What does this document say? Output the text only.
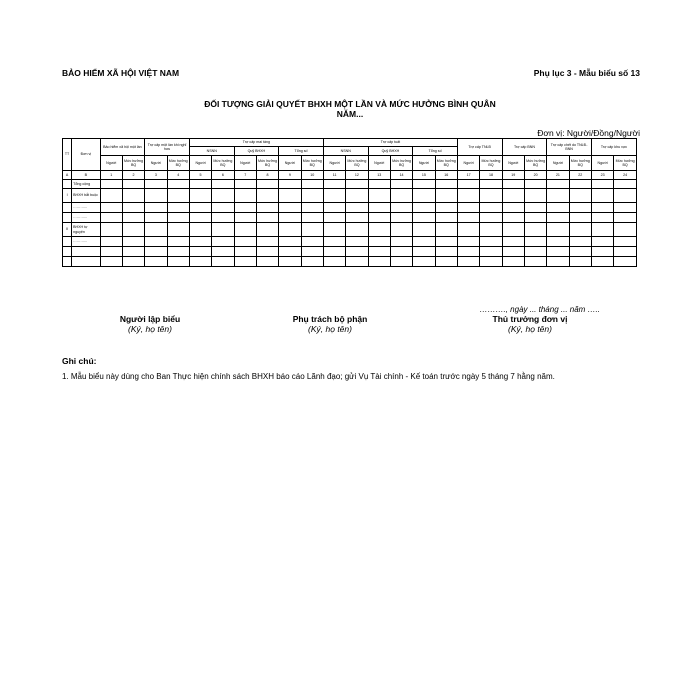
BẢO HIỂM XÃ HỘI VIỆT NAM	Phụ lục 3 - Mẫu biểu số 13
ĐỐI TƯỢNG GIẢI QUYẾT BHXH MỘT LẦN VÀ MỨC HƯỞNG BÌNH QUÂN
NĂM...
Đơn vị: Người/Đồng/Người
TT	Đơn vị	Bảo hiểm xã hội một lần		Trợ cấp một lần khi nghỉ hưu		Trợ cấp mai táng						Trợ cấp tuất						Trợ cấp TNLĐ		Trợ cấp BNN		Trợ cấp chết do TNLĐ-BNN		Trợ cấp khu vực	
						NSNN		Quỹ BHXH		Tổng số		NSNN		Quỹ BHXH		Tổng số									
		Người	Mức hưởng BQ	Người	Mức hưởng BQ	Người	Mức hưởng BQ	Người	Mức hưởng BQ	Người	Mức hưởng BQ	Người	Mức hưởng BQ	Người	Mức hưởng BQ	Người	Mức hưởng BQ	Người	Mức hưởng BQ	Người	Mức hưởng BQ	Người	Mức hưởng BQ	Người	Mức hưởng BQ
A	B	1	2	3	4	5	6	7	8	9	10	11	12	13	14	15	16	17	18	19	20	21	22	23	24
	Tổng cộng																								
I	BHXH bắt buộc																								
	…………																								
	…………																								
II	BHXH tự nguyện																								
	…………																								

………., ngày ... tháng ... năm …..
Người lập biểu
(Ký, họ tên)
Phụ trách bộ phận
(Ký, họ tên)
Thủ trưởng đơn vị
(Ký, họ tên)
Ghi chú:
1. Mẫu biểu này dùng cho Ban Thực hiện chính sách BHXH báo cáo Lãnh đạo; gửi Vụ Tài chính - Kế toán trước ngày 5 tháng 7 hằng năm.
